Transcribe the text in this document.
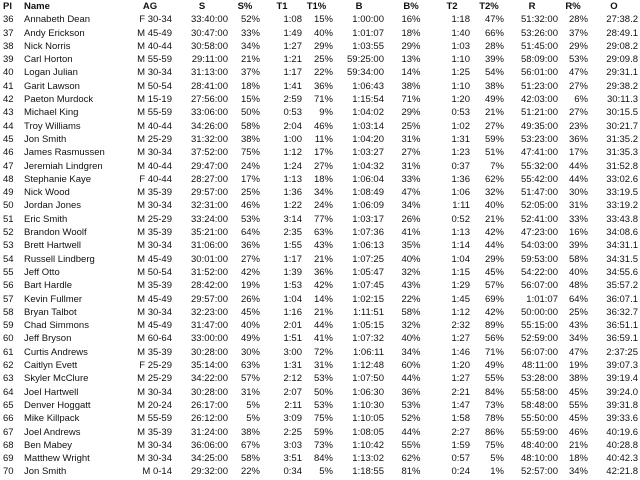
Pl	Name	AG	S	S%	T1	T1%	B	B%	T2	T2%	R	R%	O
36	Annabeth Dean	F 30-34	33:40:00	52%	1:08	15%	1:00:00	16%	1:18	47%	51:32:00	28%	27:38.2
37	Andy Erickson	M 45-49	30:47:00	33%	1:49	40%	1:01:07	18%	1:40	66%	53:26:00	37%	28:49.1
38	Nick Norris	M 40-44	30:58:00	34%	1:27	29%	1:03:55	29%	1:03	28%	51:45:00	29%	29:08.2
39	Carl Horton	M 55-59	29:11:00	21%	1:21	25%	59:25:00	13%	1:10	39%	58:09:00	53%	29:09.8
40	Logan Julian	M 30-34	31:13:00	37%	1:17	22%	59:34:00	14%	1:25	54%	56:01:00	47%	29:31.1
41	Garit Lawson	M 50-54	28:41:00	18%	1:41	36%	1:06:43	38%	1:10	38%	51:23:00	27%	29:38.2
42	Paeton Murdock	M 15-19	27:56:00	15%	2:59	71%	1:15:54	71%	1:20	49%	42:03:00	6%	30:11.3
43	Michael King	M 55-59	33:06:00	50%	0:53	9%	1:04:02	29%	0:53	21%	51:21:00	27%	30:15.5
44	Troy Williams	M 40-44	34:26:00	58%	2:04	46%	1:03:14	25%	1:02	27%	49:35:00	23%	30:21.7
45	Jon Smith	M 25-29	31:32:00	38%	1:00	11%	1:04:20	31%	1:31	59%	53:23:00	36%	31:35.2
46	James Rasmussen	M 30-34	37:52:00	75%	1:12	17%	1:03:27	27%	1:23	51%	47:41:00	17%	31:35.3
47	Jeremiah Lindgren	M 40-44	29:47:00	24%	1:24	27%	1:04:32	31%	0:37	7%	55:32:00	44%	31:52.8
48	Stephanie Kaye	F 40-44	28:27:00	17%	1:13	18%	1:06:04	33%	1:36	62%	55:42:00	44%	33:02.6
49	Nick Wood	M 35-39	29:57:00	25%	1:36	34%	1:08:49	47%	1:06	32%	51:47:00	30%	33:19.5
50	Jordan Jones	M 30-34	32:31:00	46%	1:22	24%	1:06:09	34%	1:11	40%	52:05:00	31%	33:19.2
51	Eric Smith	M 25-29	33:24:00	53%	3:14	77%	1:03:17	26%	0:52	21%	52:41:00	33%	33:43.8
52	Brandon Woolf	M 35-39	35:21:00	64%	2:35	63%	1:07:36	41%	1:13	42%	47:23:00	16%	34:08.6
53	Brett Hartwell	M 30-34	31:06:00	36%	1:55	43%	1:06:13	35%	1:14	44%	54:03:00	39%	34:31.1
54	Russell Lindberg	M 45-49	30:01:00	27%	1:17	21%	1:07:25	40%	1:04	29%	59:53:00	58%	34:31.5
55	Jeff Otto	M 50-54	31:52:00	42%	1:39	36%	1:05:47	32%	1:15	45%	54:22:00	40%	34:55.6
56	Bart Hardle	M 35-39	28:42:00	19%	1:53	42%	1:07:45	43%	1:29	57%	56:07:00	48%	35:57.2
57	Kevin Fullmer	M 45-49	29:57:00	26%	1:04	14%	1:02:15	22%	1:45	69%	1:01:07	64%	36:07.1
58	Bryan Talbot	M 30-34	32:23:00	45%	1:16	21%	1:11:51	58%	1:12	42%	50:00:00	25%	36:32.7
59	Chad Simmons	M 45-49	31:47:00	40%	2:01	44%	1:05:15	32%	2:32	89%	55:15:00	43%	36:51.1
60	Jeff Bryson	M 60-64	33:00:00	49%	1:51	41%	1:07:32	40%	1:27	56%	52:59:00	34%	36:59.1
61	Curtis Andrews	M 35-39	30:28:00	30%	3:00	72%	1:06:11	34%	1:46	71%	56:07:00	47%	2:37:25
62	Caitlyn Evett	F 25-29	35:14:00	63%	1:31	31%	1:12:48	60%	1:20	49%	48:11:00	19%	39:07.3
63	Skyler McClure	M 25-29	34:22:00	57%	2:12	53%	1:07:50	44%	1:27	55%	53:28:00	38%	39:19.4
64	Joel Hartwell	M 30-34	30:28:00	31%	2:07	50%	1:06:30	36%	2:21	84%	55:58:00	45%	39:24.0
65	Denver Hoggatt	M 20-24	26:17:00	5%	2:11	53%	1:10:30	53%	1:47	73%	58:48:00	55%	39:31.8
66	Mike Killpack	M 55-59	26:12:00	5%	3:09	75%	1:10:05	52%	1:58	78%	55:50:00	45%	39:33.6
67	Joel Andrews	M 35-39	31:24:00	38%	2:25	59%	1:08:05	44%	2:27	86%	55:59:00	46%	40:19.6
68	Ben Mabey	M 30-34	36:06:00	67%	3:03	73%	1:10:42	55%	1:59	75%	48:40:00	21%	40:28.8
69	Matthew Wright	M 30-34	34:25:00	58%	3:51	84%	1:13:02	62%	0:57	5%	48:10:00	18%	40:42.3
70	Jon Smith	M 0-14	29:32:00	22%	0:34	5%	1:18:55	81%	0:24	1%	52:57:00	34%	42:21.8
